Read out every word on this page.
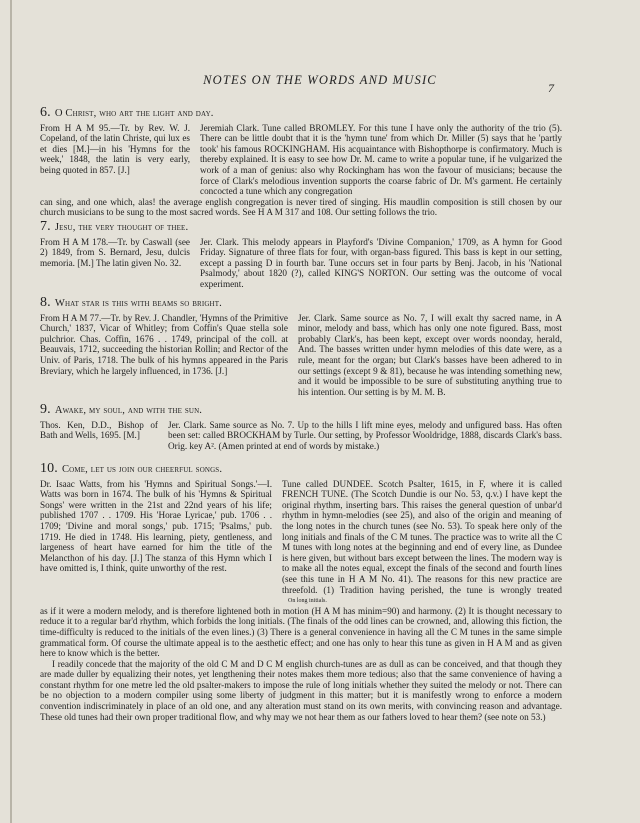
NOTES ON THE WORDS AND MUSIC
7
6. O Christ, who art the light and day.

From H A M 95.—Tr. by Rev. W. J. Copeland, of the latin Christe, qui lux es et dies [M.]—in his 'Hymns for the week,' 1848, the latin is very early, being quoted in 857. [J.]

Jeremiah Clark. Tune called BROMLEY. For this tune I have only the authority of the trio (5). There can be little doubt that it is the 'hymn tune' from which Dr. Miller (5) says that he 'partly took' his famous ROCKINGHAM. His acquaintance with Bishopthorpe is confirmatory. Much is thereby explained. It is easy to see how Dr. M. came to write a popular tune, if he vulgarized the work of a man of genius: also why Rockingham has won the favour of musicians; because the force of Clark's melodious invention supports the coarse fabric of Dr. M's garment. He certainly concocted a tune which any congregation

can sing, and one which, alas! the average english congregation is never tired of singing. His maudlin composition is still chosen by our church musicians to be sung to the most sacred words. See H A M 317 and 108. Our setting follows the trio.

7. Jesu, the very thought of thee.

From H A M 178.—Tr. by Caswall (see 2) 1849, from S. Bernard, Jesu, dulcis memoria. [M.] The latin given No. 32.

Jer. Clark. This melody appears in Playford's 'Divine Companion,' 1709, as A hymn for Good Friday. Signature of three flats for four, with organ-bass figured. This bass is kept in our setting, except a passing D in fourth bar. Tune occurs set in four parts by Benj. Jacob, in his 'National Psalmody,' about 1820 (?), called KING'S NORTON. Our setting was the outcome of vocal experiment.

8. What star is this with beams so bright.

From H A M 77.—Tr. by Rev. J. Chandler, 'Hymns of the Primitive Church,' 1837, Vicar of Whitley; from Coffin's Quae stella sole pulchrior. Chas. Coffin, 1676 . . 1749, principal of the coll. at Beauvais, 1712, succeeding the historian Rollin; and Rector of the Univ. of Paris, 1718. The bulk of his hymns appeared in the Paris Breviary, which he largely influenced, in 1736. [J.]

Jer. Clark. Same source as No. 7, I will exalt thy sacred name, in A minor, melody and bass, which has only one note figured. Bass, most probably Clark's, has been kept, except over words noonday, herald, And. The basses written under hymn melodies of this date were, as a rule, meant for the organ; but Clark's basses have been adhered to in our settings (except 9 & 81), because he was intending something new, and it would be impossible to be sure of substituting anything true to his intention. Our setting is by M. M. B.

9. Awake, my soul, and with the sun.

Thos. Ken, D.D., Bishop of Bath and Wells, 1695. [M.]

Jer. Clark. Same source as No. 7. Up to the hills I lift mine eyes, melody and unfigured bass. Has often been set: called BROCKHAM by Turle. Our setting, by Professor Wooldridge, 1888, discards Clark's bass. Orig. key A². (Amen printed at end of words by mistake.)

10. Come, let us join our cheerful songs.

Dr. Isaac Watts, from his 'Hymns and Spiritual Songs.'—I. Watts was born in 1674. The bulk of his 'Hymns & Spiritual Songs' were written in the 21st and 22nd years of his life; published 1707 . . 1709. His 'Horae Lyricae,' pub. 1706 . . 1709; 'Divine and moral songs,' pub. 1715; 'Psalms,' pub. 1719. He died in 1748. His learning, piety, gentleness, and largeness of heart have earned for him the title of the Melancthon of his day. [J.] The stanza of this Hymn which I have omitted is, I think, quite unworthy of the rest.

Tune called DUNDEE. Scotch Psalter, 1615, in F, where it is called FRENCH TUNE. (The Scotch Dundie is our No. 53, q.v.) I have kept the original rhythm, inserting bars. This raises the general question of unbar'd rhythm in hymn-melodies (see 25), and also of the origin and meaning of the long notes in the church tunes (see No. 53). To speak here only of the long initials and finals of the C M tunes. The practice was to write all the C M tunes with long notes at the beginning and end of every line, as Dundee is here given, but without bars except between the lines. The modern way is to make all the notes equal, except the finals of the second and fourth lines (see this tune in H A M No. 41). The reasons for this new practice are threefold. (1) Tradition having perished, the tune is wrongly treatedOn long initials.

as if it were a modern melody, and is therefore lightened both in motion (H A M has minim=90) and harmony. (2) It is thought necessary to reduce it to a regular bar'd rhythm, which forbids the long initials. (The finals of the odd lines can be crowned, and, allowing this fiction, the time-difficulty is reduced to the initials of the even lines.) (3) There is a general convenience in having all the C M tunes in the same simple grammatical form. Of course the ultimate appeal is to the aesthetic effect; and one has only to hear this tune as given in H A M and as given here to know which is the better.

I readily concede that the majority of the old C M and D C M english church-tunes are as dull as can be conceived, and that though they are made duller by equalizing their notes, yet lengthening their notes makes them more tedious; also that the same convenience of having a constant rhythm for one metre led the old psalter-makers to impose the rule of long initials whether they suited the melody or not. There can be no objection to a modern compiler using some liberty of judgment in this matter; but it is manifestly wrong to enforce a modern convention indiscriminately in place of an old one, and any alteration must stand on its own merits, with convincing reason and advantage. These old tunes had their own proper traditional flow, and why may we not hear them as our fathers loved to hear them? (see note on 53.)
